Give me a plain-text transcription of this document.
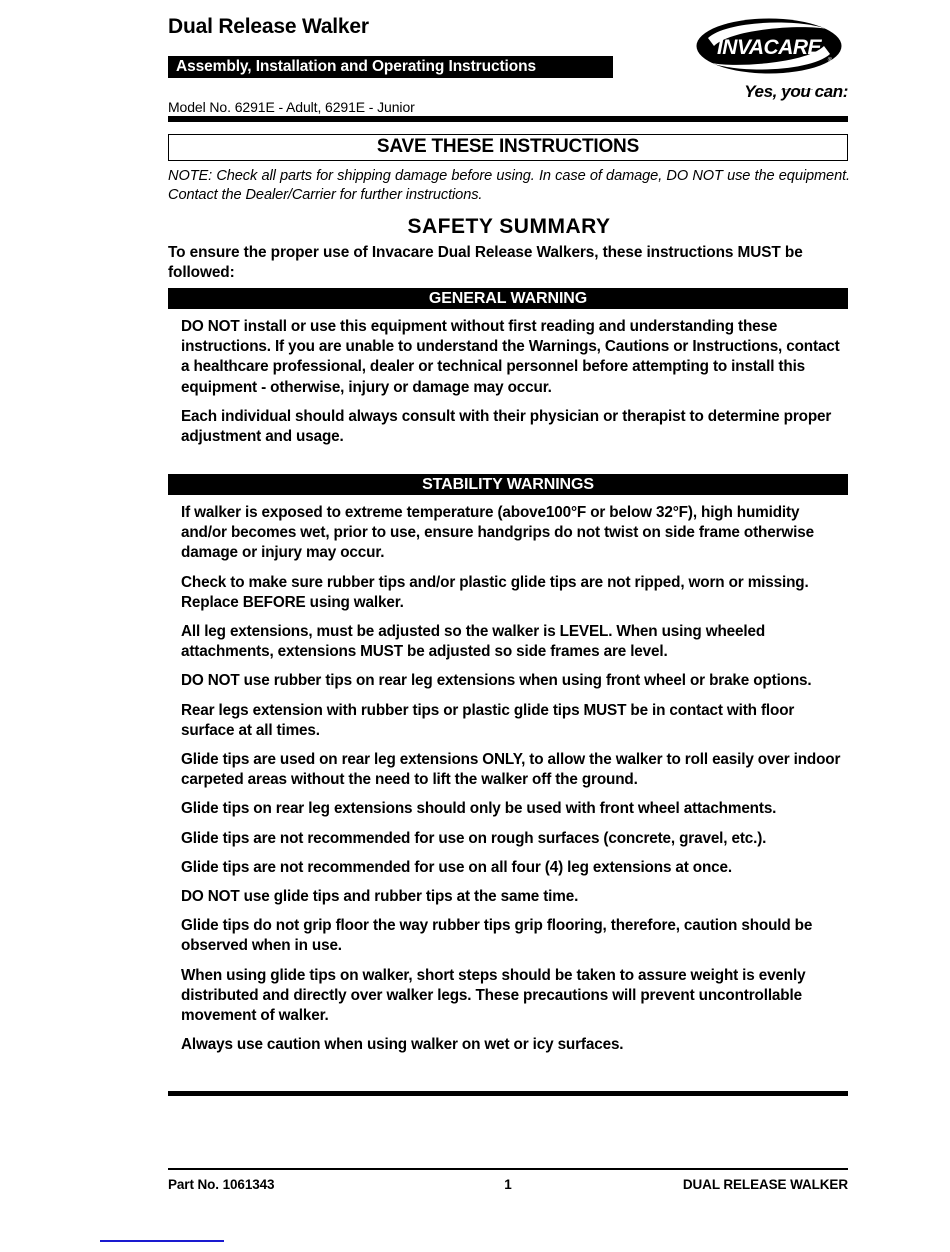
Dual Release Walker
Assembly, Installation and Operating Instructions
Model No. 6291E - Adult, 6291E - Junior
INVACARE
®
Yes, you can:
SAVE THESE INSTRUCTIONS
NOTE: Check all parts for shipping damage before using. In case of damage, DO NOT use the equipment. Contact the Dealer/Carrier for further instructions.
SAFETY SUMMARY
To ensure the proper use of Invacare Dual Release Walkers, these instructions MUST be followed:
GENERAL WARNING

DO NOT install or use this equipment without first reading and understanding these instructions. If you are unable to understand the Warnings, Cautions or Instructions, contact a healthcare professional, dealer or technical personnel before attempting to install this equipment - otherwise, injury or damage may occur.

Each individual should always consult with their physician or therapist to determine proper adjustment and usage.

STABILITY WARNINGS

If walker is exposed to extreme temperature (above100°F or below 32°F), high humidity and/or becomes wet, prior to use, ensure handgrips do not twist on side frame otherwise damage or injury may occur.

Check to make sure rubber tips and/or plastic glide tips are not ripped, worn or missing. Replace BEFORE using walker.

All leg extensions, must be adjusted so the walker is LEVEL. When using wheeled attachments, extensions MUST be adjusted so side frames are level.

DO NOT use rubber tips on rear leg extensions when using front wheel or brake options.

Rear legs extension with rubber tips or plastic glide tips MUST be in contact with floor surface at all times.

Glide tips are used on rear leg extensions ONLY, to allow the walker to roll easily over indoor carpeted areas without the need to lift the walker off the ground.

Glide tips on rear leg extensions should only be used with front wheel attachments.

Glide tips are not recommended for use on rough surfaces (concrete, gravel, etc.).

Glide tips are not recommended for use on all four (4) leg extensions at once.

DO NOT use glide tips and rubber tips at the same time.

Glide tips do not grip floor the way rubber tips grip flooring, therefore, caution should be observed when in use.

When using glide tips on walker, short steps should be taken to assure weight is evenly distributed and directly over walker legs. These precautions will prevent uncontrollable movement of walker.

Always use caution when using walker on wet or icy surfaces.

Part No. 1061343	1	DUAL RELEASE WALKER
